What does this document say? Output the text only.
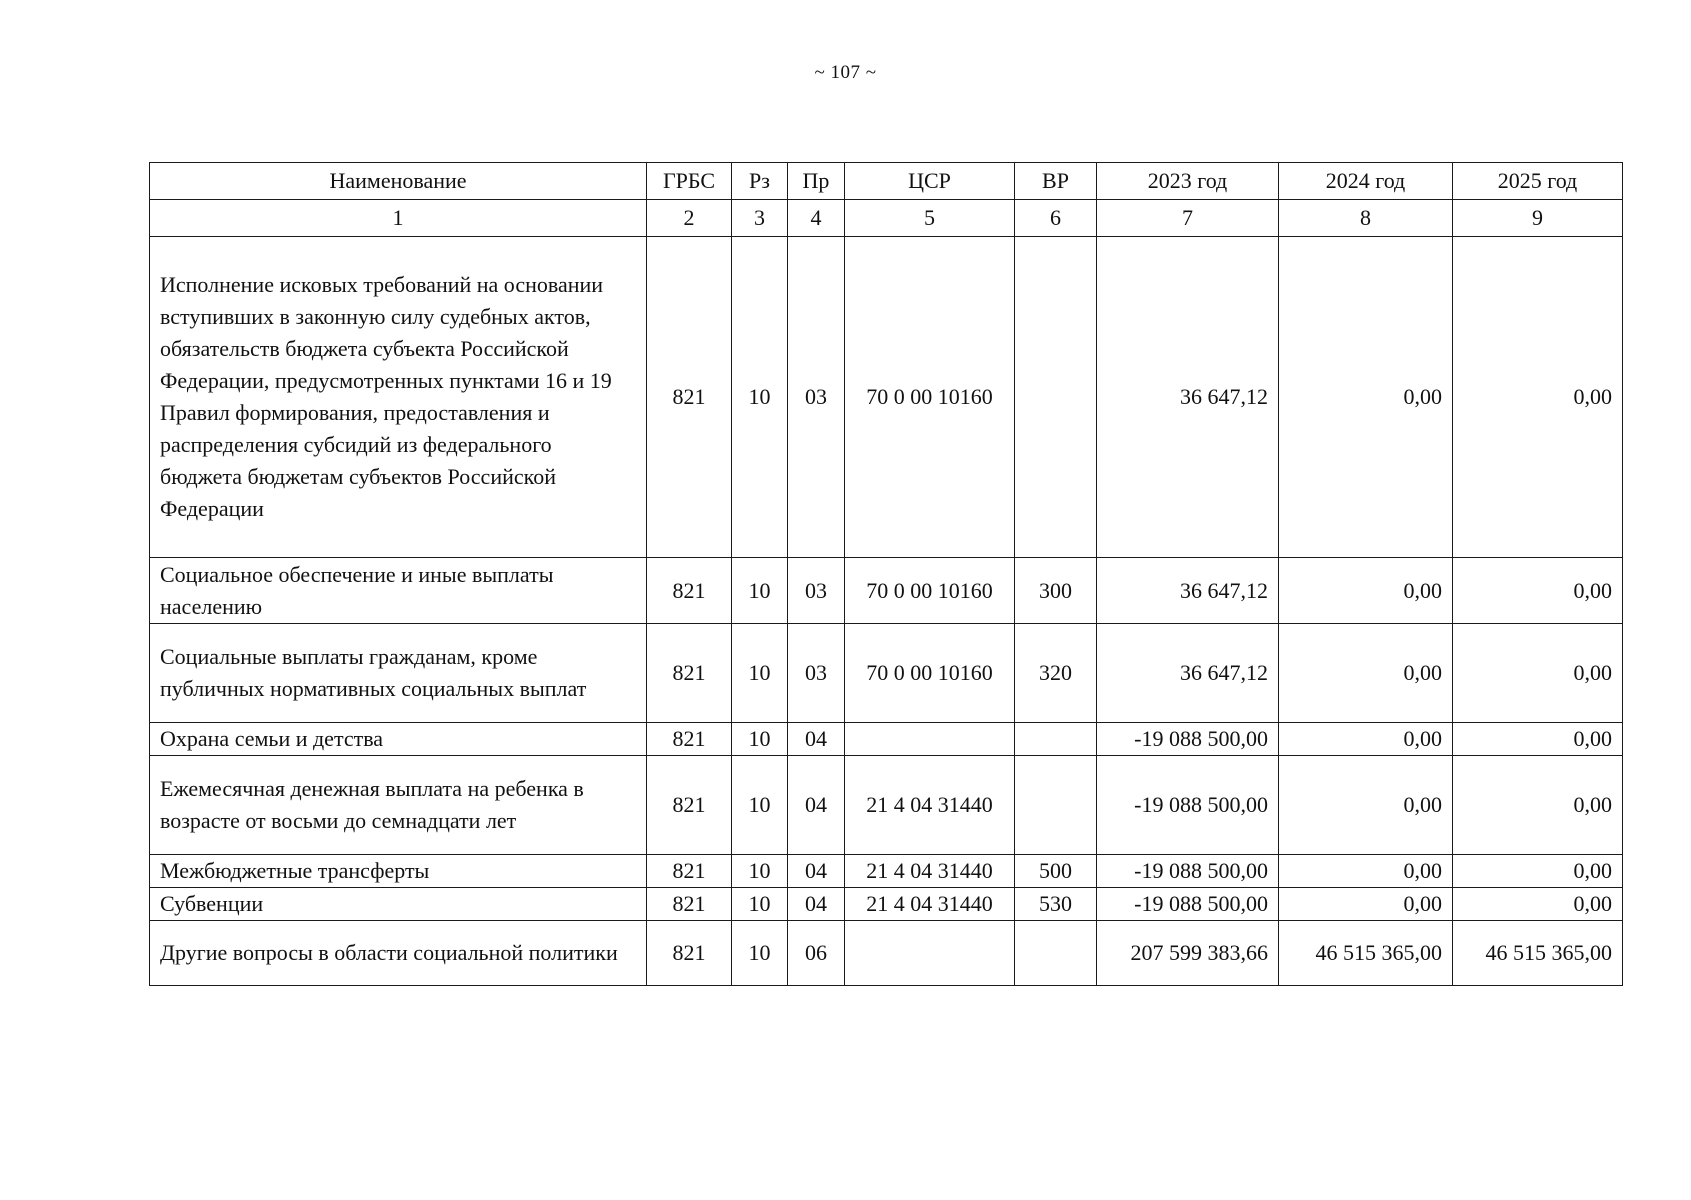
~ 107 ~
Наименование	ГРБС	Рз	Пр	ЦСР	ВР	2023 год	2024 год	2025 год
1	2	3	4	5	6	7	8	9
Исполнение исковых требований на основании вступивших в законную силу судебных актов, обязательств бюджета субъекта Российской Федерации, предусмотренных пунктами 16 и 19 Правил формирования, предоставления и распределения субсидий из федерального бюджета бюджетам субъектов Российской Федерации	821	10	03	70 0 00 10160		36 647,12	0,00	0,00
Социальное обеспечение и иные выплаты населению	821	10	03	70 0 00 10160	300	36 647,12	0,00	0,00
Социальные выплаты гражданам, кроме публичных нормативных социальных выплат	821	10	03	70 0 00 10160	320	36 647,12	0,00	0,00
Охрана семьи и детства	821	10	04			-19 088 500,00	0,00	0,00
Ежемесячная денежная выплата на ребенка в возрасте от восьми до семнадцати лет	821	10	04	21 4 04 31440		-19 088 500,00	0,00	0,00
Межбюджетные трансферты	821	10	04	21 4 04 31440	500	-19 088 500,00	0,00	0,00
Субвенции	821	10	04	21 4 04 31440	530	-19 088 500,00	0,00	0,00
Другие вопросы в области социальной политики	821	10	06			207 599 383,66	46 515 365,00	46 515 365,00
